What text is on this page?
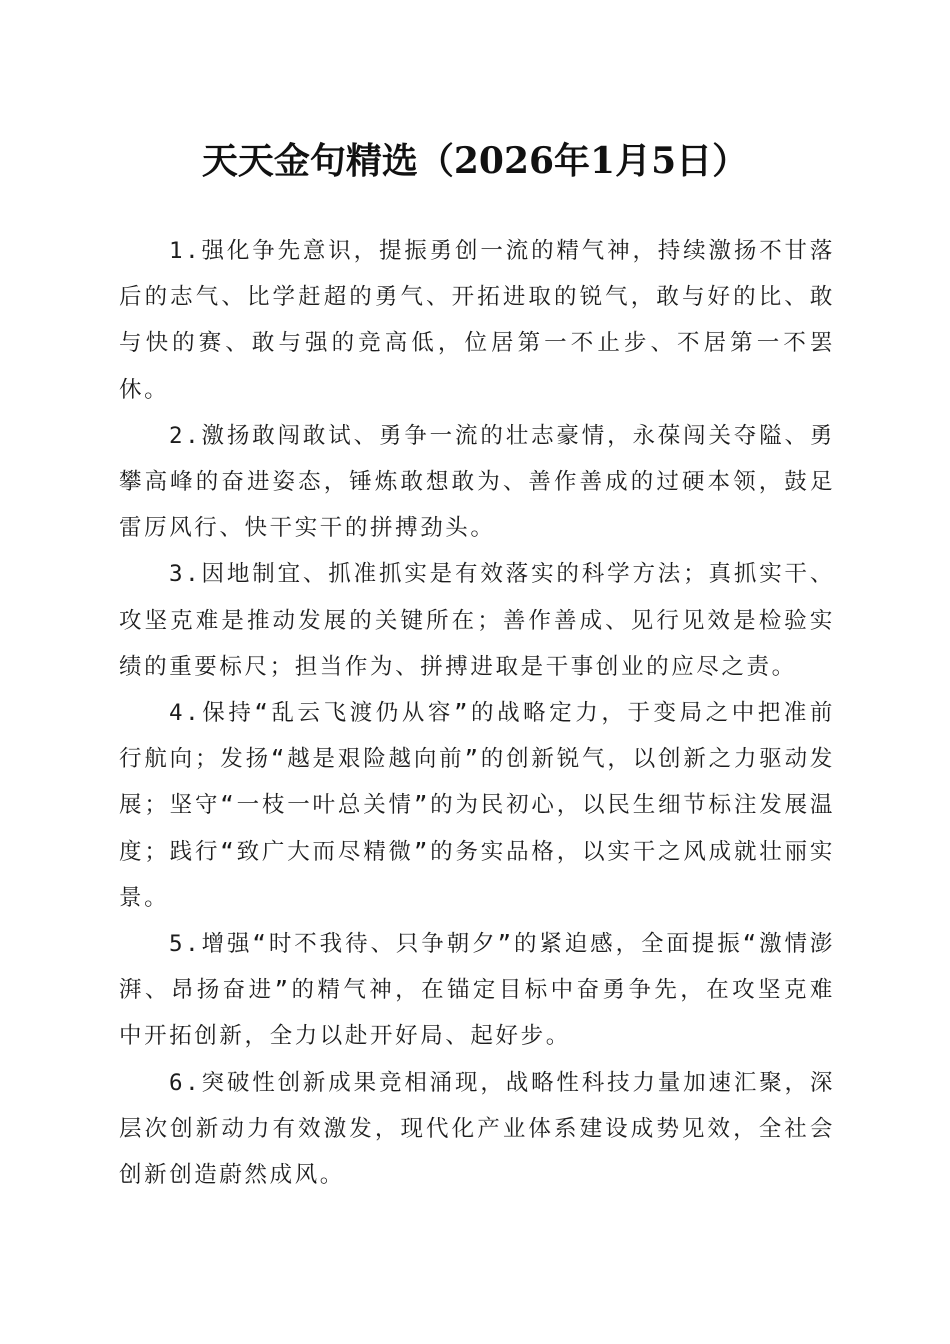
天天金句精选（2026年1月5日）

1.强化争先意识，提振勇创一流的精气神，持续激扬不甘落后的志气、比学赶超的勇气、开拓进取的锐气，敢与好的比、敢与快的赛、敢与强的竞高低，位居第一不止步、不居第一不罢休。

2.激扬敢闯敢试、勇争一流的壮志豪情，永葆闯关夺隘、勇攀高峰的奋进姿态，锤炼敢想敢为、善作善成的过硬本领，鼓足雷厉风行、快干实干的拼搏劲头。

3.因地制宜、抓准抓实是有效落实的科学方法；真抓实干、攻坚克难是推动发展的关键所在；善作善成、见行见效是检验实绩的重要标尺；担当作为、拼搏进取是干事创业的应尽之责。

4.保持“乱云飞渡仍从容”的战略定力，于变局之中把准前行航向；发扬“越是艰险越向前”的创新锐气，以创新之力驱动发展；坚守“一枝一叶总关情”的为民初心，以民生细节标注发展温度；践行“致广大而尽精微”的务实品格，以实干之风成就壮丽实景。

5.增强“时不我待、只争朝夕”的紧迫感，全面提振“激情澎湃、昂扬奋进”的精气神，在锚定目标中奋勇争先，在攻坚克难中开拓创新，全力以赴开好局、起好步。

6.突破性创新成果竞相涌现，战略性科技力量加速汇聚，深层次创新动力有效激发，现代化产业体系建设成势见效，全社会创新创造蔚然成风。
